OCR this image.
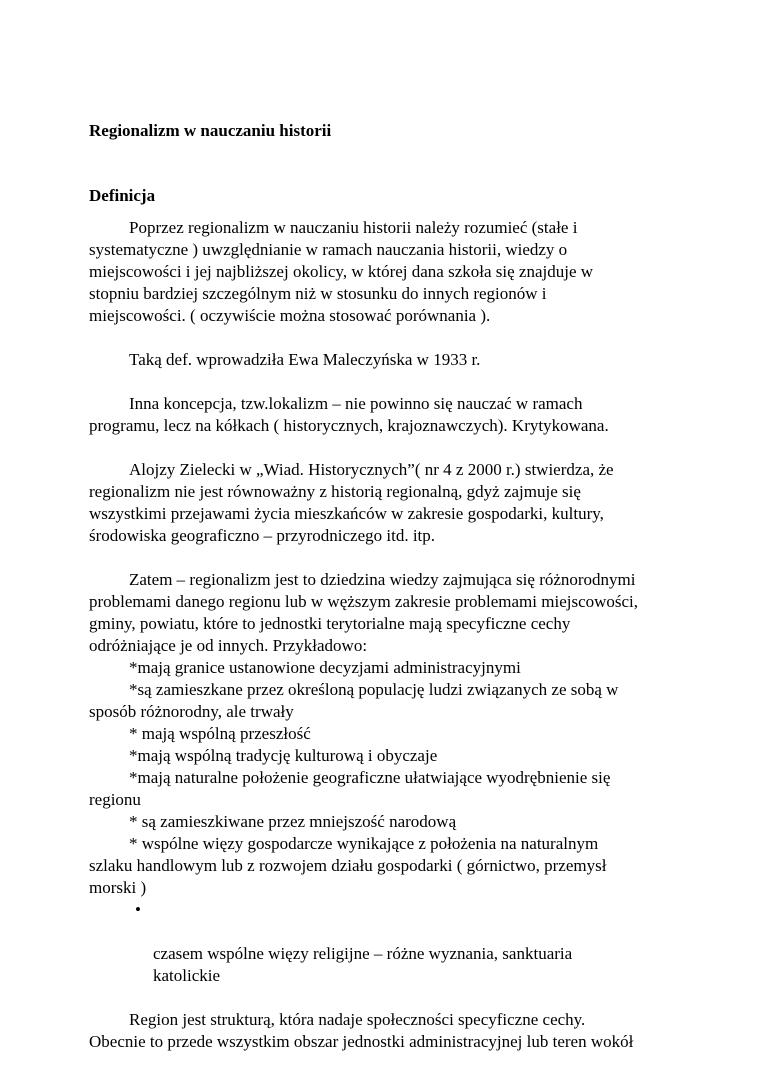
Regionalizm w nauczaniu historii
Definicja

Poprzez regionalizm w nauczaniu historii należy rozumieć (stałe i
systematyczne ) uwzględnianie w ramach nauczania historii, wiedzy o
miejscowości i jej najbliższej okolicy, w której dana szkoła się znajduje w
stopniu bardziej szczególnym niż w stosunku do innych regionów i
miejscowości. ( oczywiście można stosować porównania ).

Taką def. wprowadziła Ewa Maleczyńska w 1933 r.

Inna koncepcja, tzw.lokalizm – nie powinno się nauczać w ramach
programu, lecz na kółkach ( historycznych, krajoznawczych). Krytykowana.

Alojzy Zielecki w „Wiad. Historycznych”( nr 4 z 2000 r.) stwierdza, że
regionalizm nie jest równoważny z historią regionalną, gdyż zajmuje się
wszystkimi przejawami życia mieszkańców w zakresie gospodarki, kultury,
środowiska geograficzno – przyrodniczego itd. itp.

Zatem – regionalizm jest to dziedzina wiedzy zajmująca się różnorodnymi
problemami danego regionu lub w węższym zakresie problemami miejscowości,
gminy, powiatu, które to jednostki terytorialne mają specyficzne cechy
odróżniające je od innych. Przykładowo:

*mają granice ustanowione decyzjami administracyjnymi

*są zamieszkane przez określoną populację ludzi związanych ze sobą w
sposób różnorodny, ale trwały

* mają wspólną przeszłość

*mają wspólną tradycję kulturową i obyczaje

*mają naturalne położenie geograficzne ułatwiające wyodrębnienie się
regionu

* są zamieszkiwane przez mniejszość narodową

* wspólne więzy gospodarcze wynikające z położenia na naturalnym
szlaku handlowym lub z rozwojem działu gospodarki ( górnictwo, przemysł
morski )

•

czasem wspólne więzy religijne – różne wyznania, sanktuaria
katolickie

Region jest strukturą, która nadaje społeczności specyficzne cechy.
Obecnie to przede wszystkim obszar jednostki administracyjnej lub teren wokół
